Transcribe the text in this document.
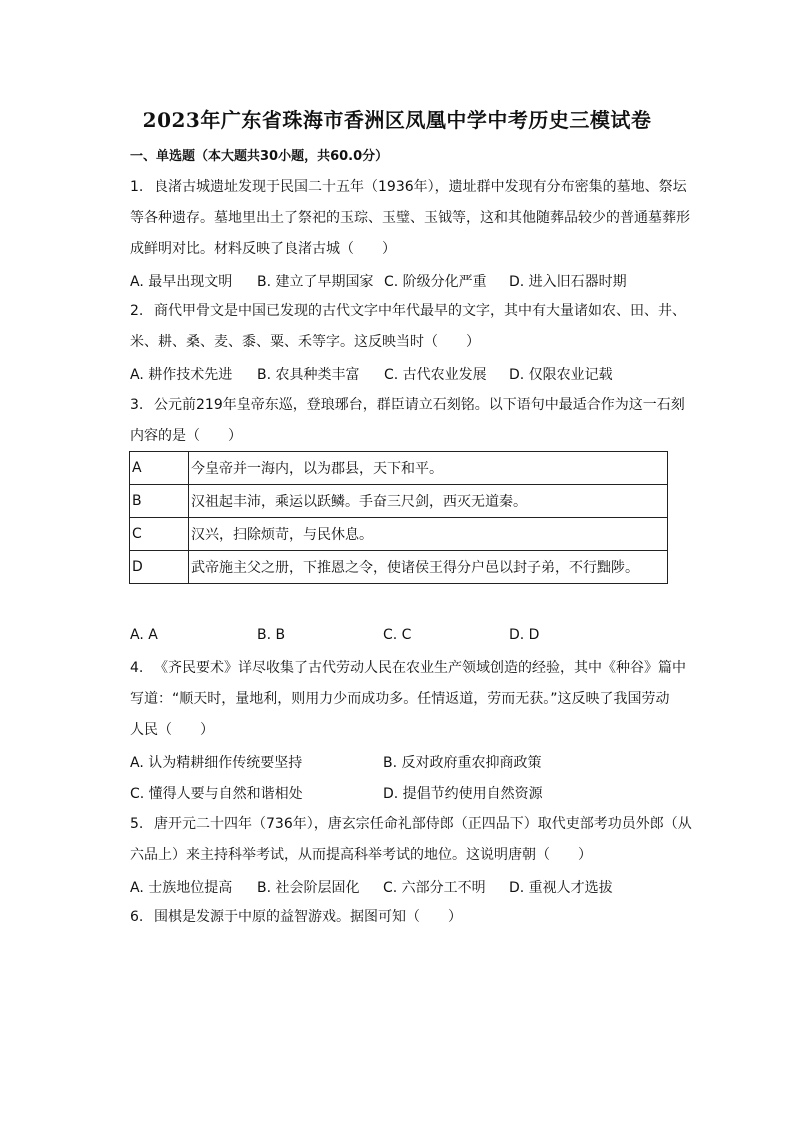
2023年广东省珠海市香洲区凤凰中学中考历史三模试卷
一、单选题（本大题共30小题，共60.0分）
1. 良渚古城遗址发现于民国二十五年（1936年），遗址群中发现有分布密集的墓地、祭坛
等各种遗存。墓地里出土了祭祀的玉琮、玉璧、玉钺等，这和其他随葬品较少的普通墓葬形
成鲜明对比。材料反映了良渚古城（　　）
A. 最早出现文明 B. 建立了早期国家 C. 阶级分化严重 D. 进入旧石器时期
2. 商代甲骨文是中国已发现的古代文字中年代最早的文字，其中有大量诸如农、田、井、
米、耕、桑、麦、黍、粟、禾等字。这反映当时（　　）
A. 耕作技术先进 B. 农具种类丰富 C. 古代农业发展 D. 仅限农业记载
3. 公元前219年皇帝东巡，登琅琊台，群臣请立石刻铭。以下语句中最适合作为这一石刻
内容的是（　　）
A	今皇帝并一海内，以为郡县，天下和平。
B	汉祖起丰沛，乘运以跃鳞。手奋三尺剑，西灭无道秦。
C	汉兴，扫除烦苛，与民休息。
D	武帝施主父之册，下推恩之令，使诸侯王得分户邑以封子弟，不行黜陟。
A. A	B. B	C. C	D. D
4. 《齐民要术》详尽收集了古代劳动人民在农业生产领域创造的经验，其中《种谷》篇中
写道：“顺天时，量地利，则用力少而成功多。任情返道，劳而无获。”这反映了我国劳动
人民（　　）
A. 认为精耕细作传统要坚持	B. 反对政府重农抑商政策
C. 懂得人要与自然和谐相处	D. 提倡节约使用自然资源
5. 唐开元二十四年（736年），唐玄宗任命礼部侍郎（正四品下）取代吏部考功员外郎（从
六品上）来主持科举考试，从而提高科举考试的地位。这说明唐朝（　　）
A. 士族地位提高 B. 社会阶层固化 C. 六部分工不明 D. 重视人才选拔
6. 围棋是发源于中原的益智游戏。据图可知（　　）
